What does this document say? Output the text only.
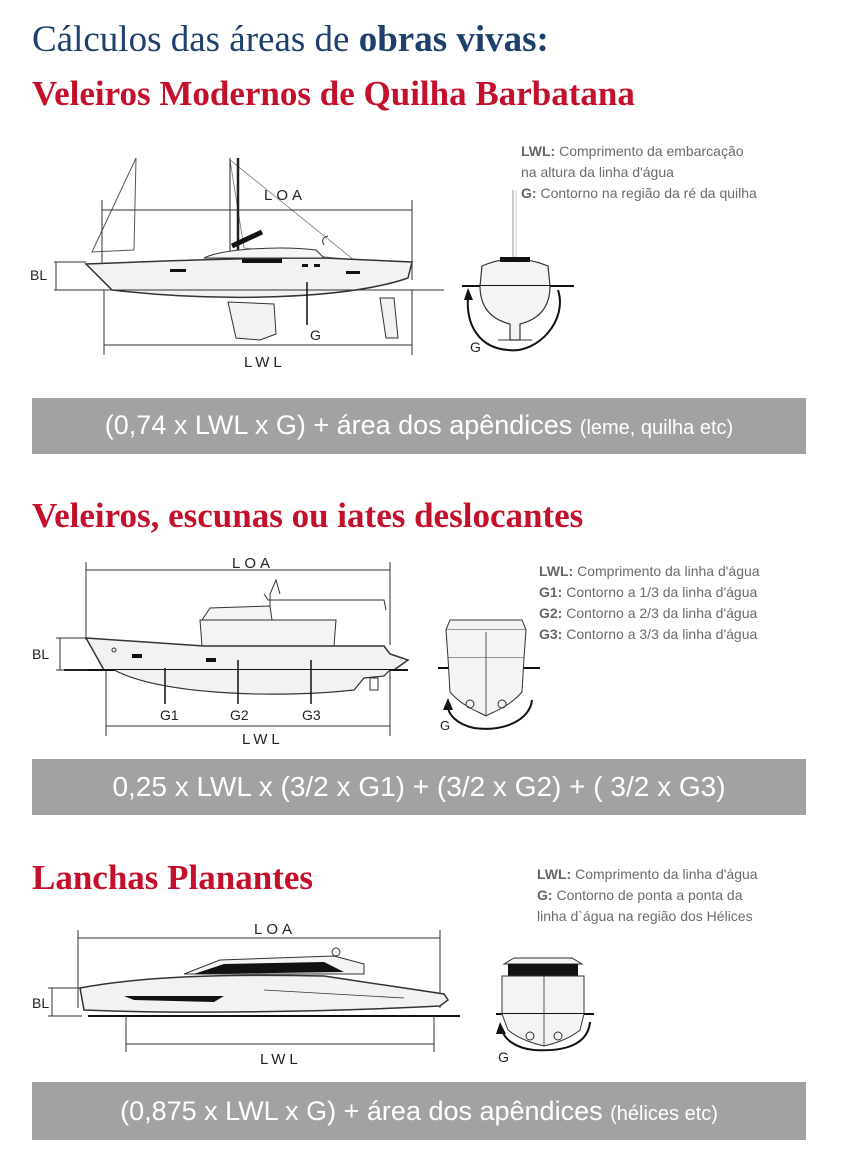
Cálculos das áreas de obras vivas:
Veleiros Modernos de Quilha Barbatana
LWL: Comprimento da embarcação
na altura da linha d'água
G: Contorno na região da ré da quilha
LOA
G
BL
LWL
G
(0,74 x LWL x G) + área dos apêndices (leme, quilha etc)
Veleiros, escunas ou iates deslocantes
LWL: Comprimento da linha d'água
G1: Contorno a 1/3 da linha d'água
G2: Contorno a 2/3 da linha d'água
G3: Contorno a 3/3 da linha d'água
LOA
G1	G2	G3
BL
LWL
G
0,25 x LWL x (3/2 x G1) + (3/2 x G2) + ( 3/2 x G3)
Lanchas Planantes	LWL: Comprimento da linha d'água
G: Contorno de ponta a ponta da
linha d`água na região dos Hélices
LOA
BL
LWL	G
(0,875 x LWL x G) + área dos apêndices (hélices etc)
